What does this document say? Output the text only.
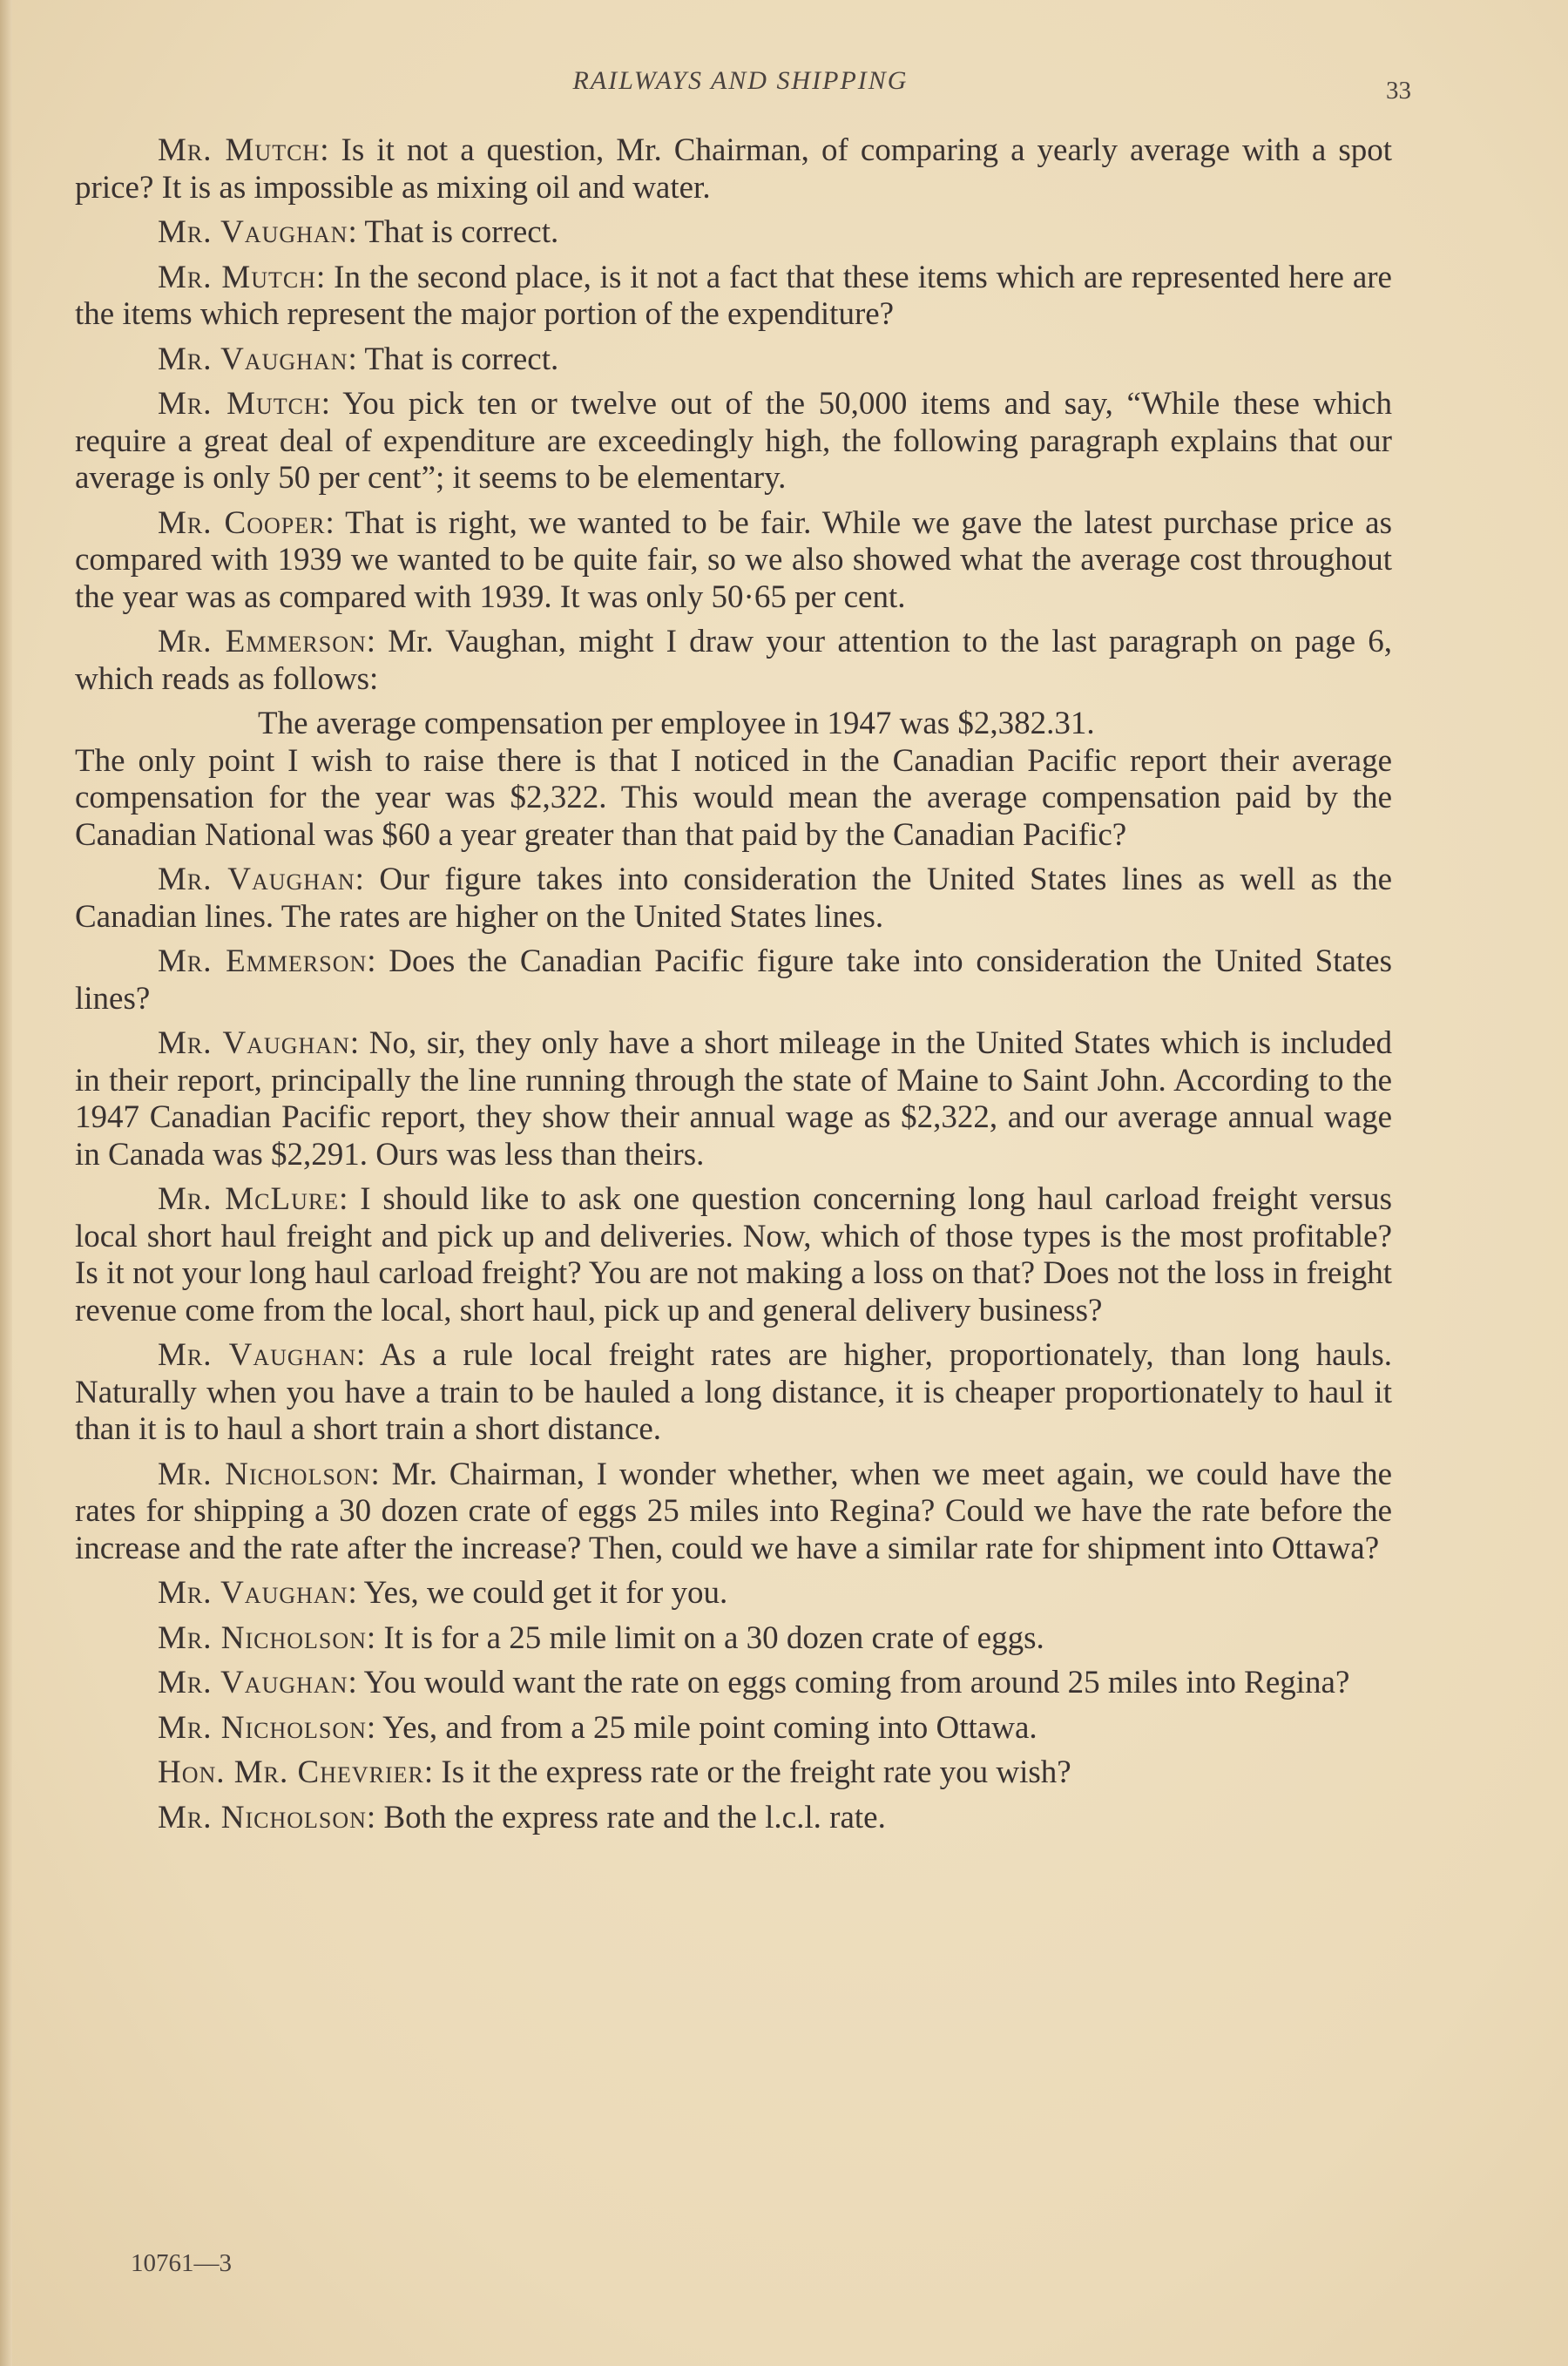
RAILWAYS AND SHIPPING	33

Mr. Mutch: Is it not a question, Mr. Chairman, of comparing a yearly average with a spot price? It is as impossible as mixing oil and water.

Mr. Vaughan: That is correct.

Mr. Mutch: In the second place, is it not a fact that these items which are represented here are the items which represent the major portion of the expenditure?

Mr. Vaughan: That is correct.

Mr. Mutch: You pick ten or twelve out of the 50,000 items and say, “While these which require a great deal of expenditure are exceedingly high, the following paragraph explains that our average is only 50 per cent”; it seems to be elementary.

Mr. Cooper: That is right, we wanted to be fair. While we gave the latest purchase price as compared with 1939 we wanted to be quite fair, so we also showed what the average cost throughout the year was as compared with 1939. It was only 50·65 per cent.

Mr. Emmerson: Mr. Vaughan, might I draw your attention to the last paragraph on page 6, which reads as follows:

The average compensation per employee in 1947 was $2,382.31.

The only point I wish to raise there is that I noticed in the Canadian Pacific report their average compensation for the year was $2,322. This would mean the average compensation paid by the Canadian National was $60 a year greater than that paid by the Canadian Pacific?

Mr. Vaughan: Our figure takes into consideration the United States lines as well as the Canadian lines. The rates are higher on the United States lines.

Mr. Emmerson: Does the Canadian Pacific figure take into consideration the United States lines?

Mr. Vaughan: No, sir, they only have a short mileage in the United States which is included in their report, principally the line running through the state of Maine to Saint John. According to the 1947 Canadian Pacific report, they show their annual wage as $2,322, and our average annual wage in Canada was $2,291. Ours was less than theirs.

Mr. McLure: I should like to ask one question concerning long haul carload freight versus local short haul freight and pick up and deliveries. Now, which of those types is the most profitable? Is it not your long haul carload freight? You are not making a loss on that? Does not the loss in freight revenue come from the local, short haul, pick up and general delivery business?

Mr. Vaughan: As a rule local freight rates are higher, proportionately, than long hauls. Naturally when you have a train to be hauled a long distance, it is cheaper proportionately to haul it than it is to haul a short train a short distance.

Mr. Nicholson: Mr. Chairman, I wonder whether, when we meet again, we could have the rates for shipping a 30 dozen crate of eggs 25 miles into Regina? Could we have the rate before the increase and the rate after the increase? Then, could we have a similar rate for shipment into Ottawa?

Mr. Vaughan: Yes, we could get it for you.

Mr. Nicholson: It is for a 25 mile limit on a 30 dozen crate of eggs.

Mr. Vaughan: You would want the rate on eggs coming from around 25 miles into Regina?

Mr. Nicholson: Yes, and from a 25 mile point coming into Ottawa.

Hon. Mr. Chevrier: Is it the express rate or the freight rate you wish?

Mr. Nicholson: Both the express rate and the l.c.l. rate.

10761—3
